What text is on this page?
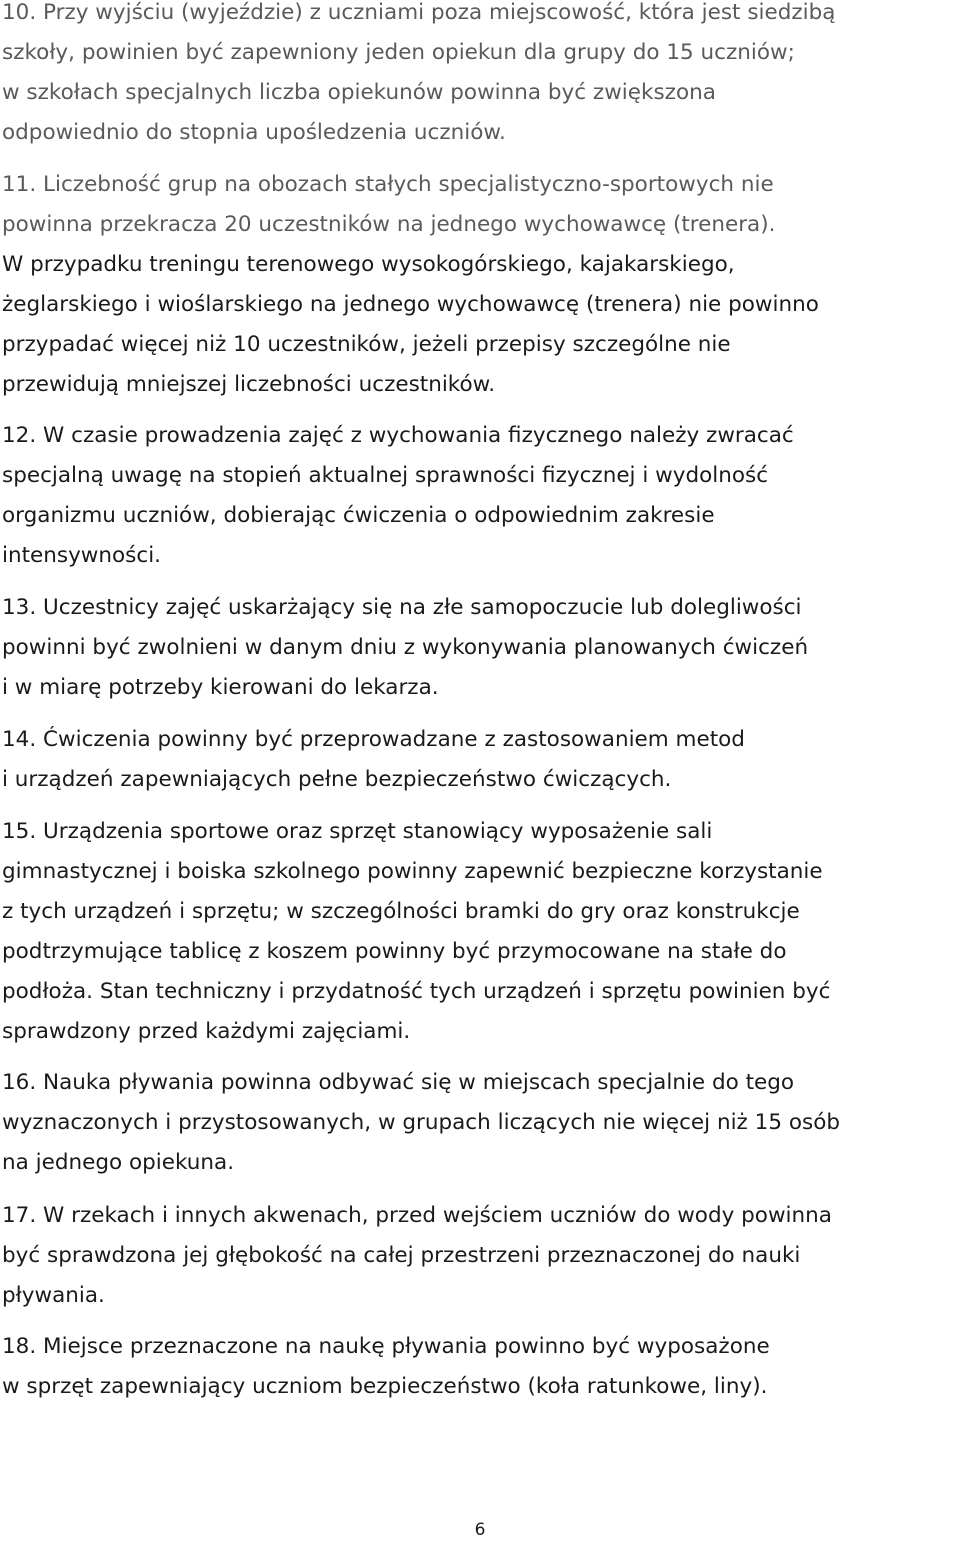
10. Przy wyjściu (wyjeździe) z uczniami poza miejscowość, która jest siedzibą
szkoły, powinien być zapewniony jeden opiekun dla grupy do 15 uczniów;
w szkołach specjalnych liczba opiekunów powinna być zwiększona
odpowiednio do stopnia upośledzenia uczniów.

11. Liczebność grup na obozach stałych specjalistyczno-sportowych nie
powinna przekracza 20 uczestników na jednego wychowawcę (trenera).
W przypadku treningu terenowego wysokogórskiego, kajakarskiego,
żeglarskiego i wioślarskiego na jednego wychowawcę (trenera) nie powinno
przypadać więcej niż 10 uczestników, jeżeli przepisy szczególne nie
przewidują mniejszej liczebności uczestników.

12. W czasie prowadzenia zajęć z wychowania fizycznego należy zwracać
specjalną uwagę na stopień aktualnej sprawności fizycznej i wydolność
organizmu uczniów, dobierając ćwiczenia o odpowiednim zakresie
intensywności.

13. Uczestnicy zajęć uskarżający się na złe samopoczucie lub dolegliwości
powinni być zwolnieni w danym dniu z wykonywania planowanych ćwiczeń
i w miarę potrzeby kierowani do lekarza.

14. Ćwiczenia powinny być przeprowadzane z zastosowaniem metod
i urządzeń zapewniających pełne bezpieczeństwo ćwiczących.

15. Urządzenia sportowe oraz sprzęt stanowiący wyposażenie sali
gimnastycznej i boiska szkolnego powinny zapewnić bezpieczne korzystanie
z tych urządzeń i sprzętu; w szczególności bramki do gry oraz konstrukcje
podtrzymujące tablicę z koszem powinny być przymocowane na stałe do
podłoża. Stan techniczny i przydatność tych urządzeń i sprzętu powinien być
sprawdzony przed każdymi zajęciami.

16. Nauka pływania powinna odbywać się w miejscach specjalnie do tego
wyznaczonych i przystosowanych, w grupach liczących nie więcej niż 15 osób
na jednego opiekuna.

17. W rzekach i innych akwenach, przed wejściem uczniów do wody powinna
być sprawdzona jej głębokość na całej przestrzeni przeznaczonej do nauki
pływania.

18. Miejsce przeznaczone na naukę pływania powinno być wyposażone
w sprzęt zapewniający uczniom bezpieczeństwo (koła ratunkowe, liny).

6
